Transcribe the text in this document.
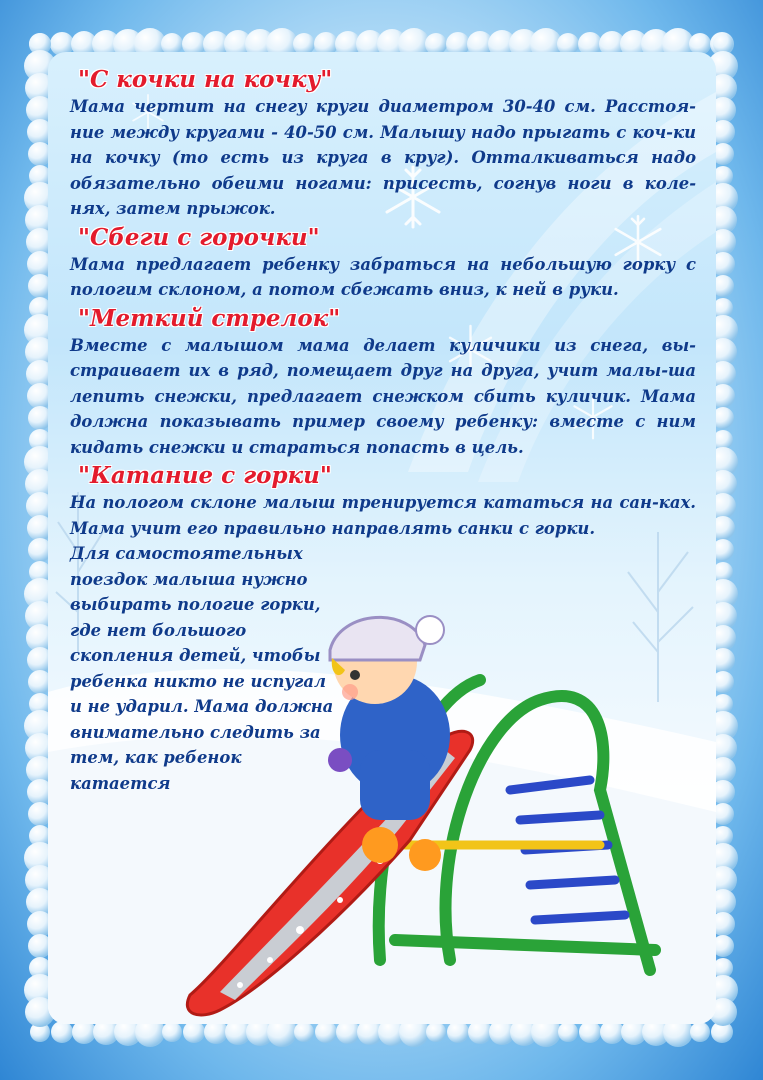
"С кочки на кочку"

Мама чертит на снегу круги диаметром 30-40 см. Расстоя-ние между кругами - 40-50 см. Малышу надо прыгать с коч-ки на кочку (то есть из круга в круг). Отталкиваться надо обязательно обеими ногами: присесть, согнув ноги в коле-нях, затем прыжок.

"Сбеги с горочки"

Мама предлагает ребенку забраться на небольшую горку с пологим склоном, а потом сбежать вниз, к ней в руки.

"Меткий стрелок"

Вместе с малышом мама делает куличики из снега, вы-страивает их в ряд, помещает друг на друга, учит малы-ша лепить снежки, предлагает снежком сбить куличик. Мама должна показывать пример своему ребенку: вместе с ним кидать снежки и стараться попасть в цель.

"Катание с горки"

На пологом склоне малыш тренируется кататься на сан-ках. Мама учит его правильно направлять санки с горки.

Для самостоятельных поездок малыша нужно выбирать пологие горки, где нет большого скопления детей, чтобы ребенка никто не испугал и не ударил. Мама должна внимательно следить за тем, как ребенок катается
